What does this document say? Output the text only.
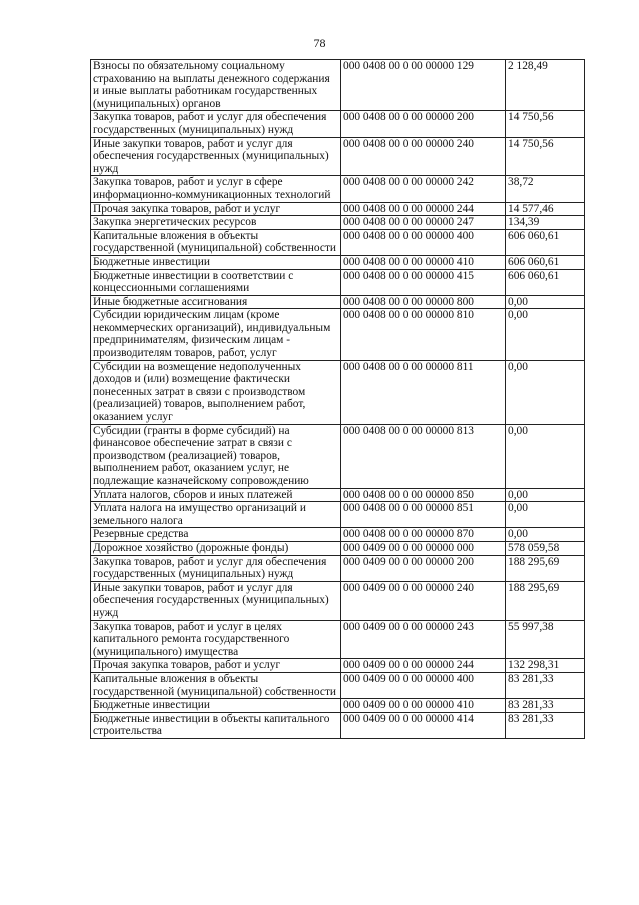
78
Взносы по обязательному социальному страхованию на выплаты денежного содержания и иные выплаты работникам государственных (муниципальных) органов	000 0408 00 0 00 00000 129	2 128,49
Закупка товаров, работ и услуг для обеспечения государственных (муниципальных) нужд	000 0408 00 0 00 00000 200	14 750,56
Иные закупки товаров, работ и услуг для обеспечения государственных (муниципальных) нужд	000 0408 00 0 00 00000 240	14 750,56
Закупка товаров, работ и услуг в сфере информационно-коммуникационных технологий	000 0408 00 0 00 00000 242	38,72
Прочая закупка товаров, работ и услуг	000 0408 00 0 00 00000 244	14 577,46
Закупка энергетических ресурсов	000 0408 00 0 00 00000 247	134,39
Капитальные вложения в объекты государственной (муниципальной) собственности	000 0408 00 0 00 00000 400	606 060,61
Бюджетные инвестиции	000 0408 00 0 00 00000 410	606 060,61
Бюджетные инвестиции в соответствии с концессионными соглашениями	000 0408 00 0 00 00000 415	606 060,61
Иные бюджетные ассигнования	000 0408 00 0 00 00000 800	0,00
Субсидии юридическим лицам (кроме некоммерческих организаций), индивидуальным предпринимателям, физическим лицам - производителям товаров, работ, услуг	000 0408 00 0 00 00000 810	0,00
Субсидии на возмещение недополученных доходов и (или) возмещение фактически понесенных затрат в связи с производством (реализацией) товаров, выполнением работ, оказанием услуг	000 0408 00 0 00 00000 811	0,00
Субсидии (гранты в форме субсидий) на финансовое обеспечение затрат в связи с производством (реализацией) товаров, выполнением работ, оказанием услуг, не подлежащие казначейскому сопровождению	000 0408 00 0 00 00000 813	0,00
Уплата налогов, сборов и иных платежей	000 0408 00 0 00 00000 850	0,00
Уплата налога на имущество организаций и земельного налога	000 0408 00 0 00 00000 851	0,00
Резервные средства	000 0408 00 0 00 00000 870	0,00
Дорожное хозяйство (дорожные фонды)	000 0409 00 0 00 00000 000	578 059,58
Закупка товаров, работ и услуг для обеспечения государственных (муниципальных) нужд	000 0409 00 0 00 00000 200	188 295,69
Иные закупки товаров, работ и услуг для обеспечения государственных (муниципальных) нужд	000 0409 00 0 00 00000 240	188 295,69
Закупка товаров, работ и услуг в целях капитального ремонта государственного (муниципального) имущества	000 0409 00 0 00 00000 243	55 997,38
Прочая закупка товаров, работ и услуг	000 0409 00 0 00 00000 244	132 298,31
Капитальные вложения в объекты государственной (муниципальной) собственности	000 0409 00 0 00 00000 400	83 281,33
Бюджетные инвестиции	000 0409 00 0 00 00000 410	83 281,33
Бюджетные инвестиции в объекты капитального строительства	000 0409 00 0 00 00000 414	83 281,33
